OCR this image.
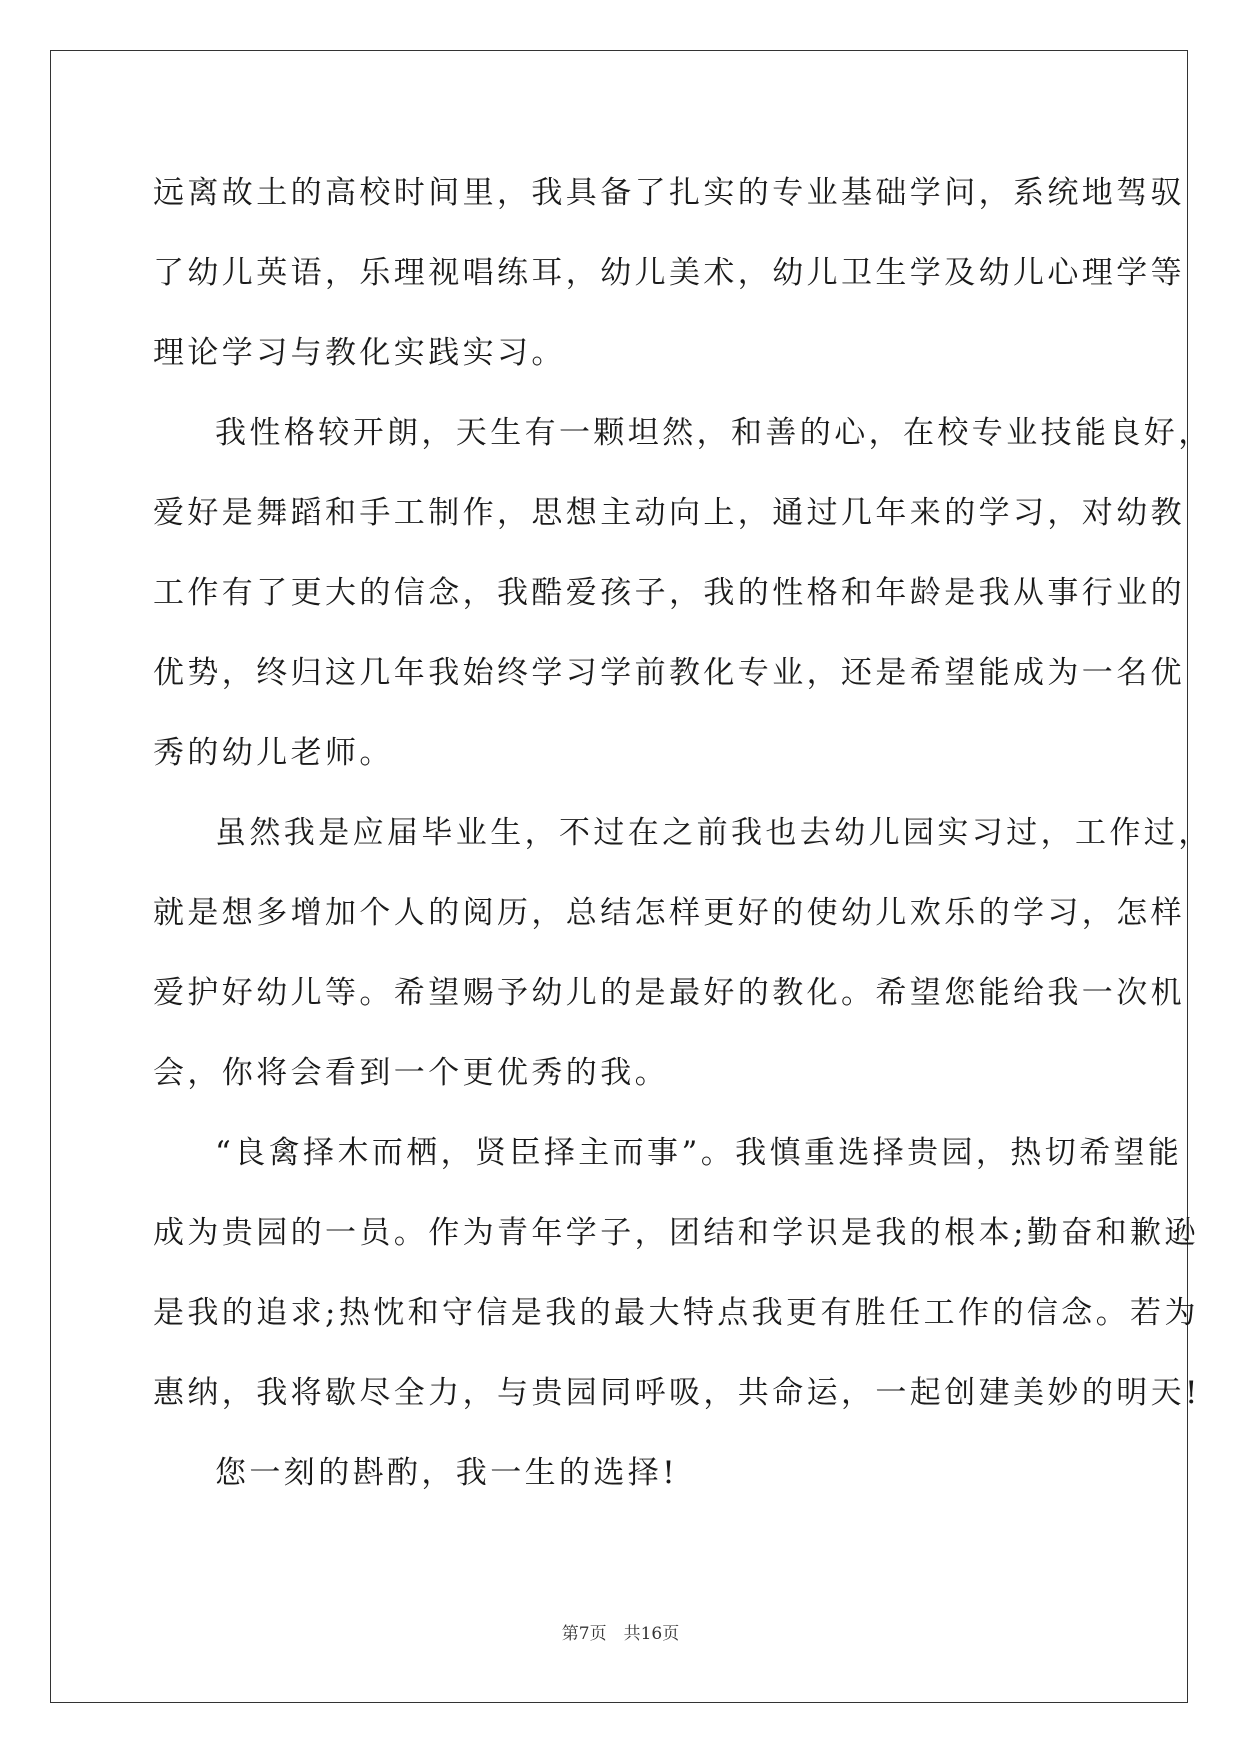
远离故土的高校时间里，我具备了扎实的专业基础学问，系统地驾驭

了幼儿英语，乐理视唱练耳，幼儿美术，幼儿卫生学及幼儿心理学等

理论学习与教化实践实习。

我性格较开朗，天生有一颗坦然，和善的心，在校专业技能良好，

爱好是舞蹈和手工制作，思想主动向上，通过几年来的学习，对幼教

工作有了更大的信念，我酷爱孩子，我的性格和年龄是我从事行业的

优势，终归这几年我始终学习学前教化专业，还是希望能成为一名优

秀的幼儿老师。

虽然我是应届毕业生，不过在之前我也去幼儿园实习过，工作过，

就是想多增加个人的阅历，总结怎样更好的使幼儿欢乐的学习，怎样

爱护好幼儿等。希望赐予幼儿的是最好的教化。希望您能给我一次机

会，你将会看到一个更优秀的我。

“良禽择木而栖，贤臣择主而事”。我慎重选择贵园，热切希望能

成为贵园的一员。作为青年学子，团结和学识是我的根本;勤奋和歉逊

是我的追求;热忱和守信是我的最大特点我更有胜任工作的信念。若为

惠纳，我将歇尽全力，与贵园同呼吸，共命运，一起创建美妙的明天!

您一刻的斟酌，我一生的选择!

第7页　共16页
